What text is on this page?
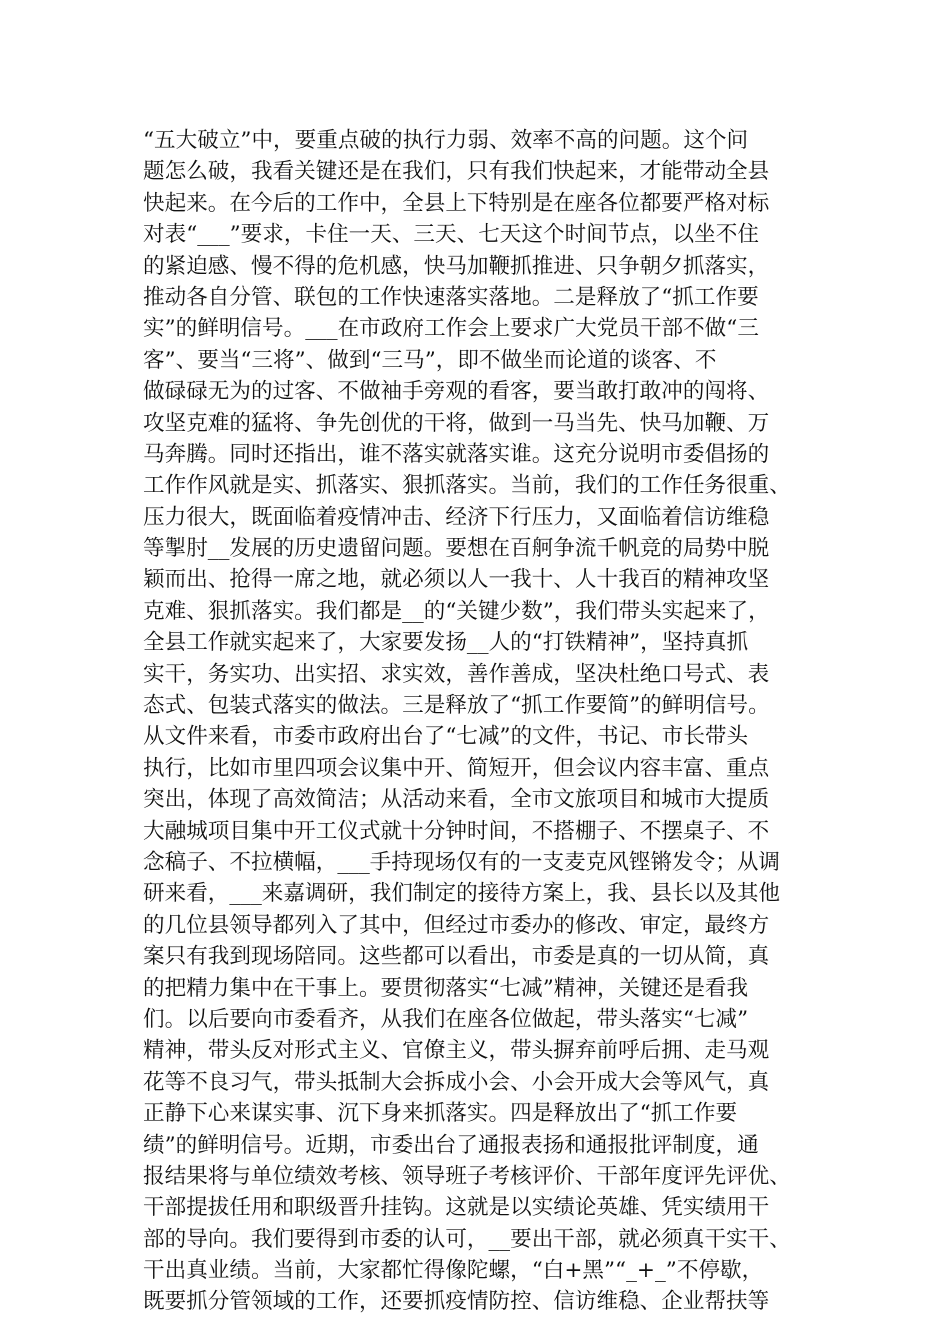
“五大破立”中，要重点破的执行力弱、效率不高的问题。这个问
题怎么破，我看关键还是在我们，只有我们快起来，才能带动全县
快起来。在今后的工作中，全县上下特别是在座各位都要严格对标
对表“___”要求，卡住一天、三天、七天这个时间节点，以坐不住
的紧迫感、慢不得的危机感，快马加鞭抓推进、只争朝夕抓落实，
推动各自分管、联包的工作快速落实落地。二是释放了“抓工作要
实”的鲜明信号。___在市政府工作会上要求广大党员干部不做“三
客”、要当“三将”、做到“三马”，即不做坐而论道的谈客、不
做碌碌无为的过客、不做袖手旁观的看客，要当敢打敢冲的闯将、
攻坚克难的猛将、争先创优的干将，做到一马当先、快马加鞭、万
马奔腾。同时还指出，谁不落实就落实谁。这充分说明市委倡扬的
工作作风就是实、抓落实、狠抓落实。当前，我们的工作任务很重、
压力很大，既面临着疫情冲击、经济下行压力，又面临着信访维稳
等掣肘__发展的历史遗留问题。要想在百舸争流千帆竞的局势中脱
颖而出、抢得一席之地，就必须以人一我十、人十我百的精神攻坚
克难、狠抓落实。我们都是__的“关键少数”，我们带头实起来了，
全县工作就实起来了，大家要发扬__人的“打铁精神”，坚持真抓
实干，务实功、出实招、求实效，善作善成，坚决杜绝口号式、表
态式、包装式落实的做法。三是释放了“抓工作要简”的鲜明信号。
从文件来看，市委市政府出台了“七减”的文件，书记、市长带头
执行，比如市里四项会议集中开、简短开，但会议内容丰富、重点
突出，体现了高效简洁；从活动来看，全市文旅项目和城市大提质
大融城项目集中开工仪式就十分钟时间，不搭棚子、不摆桌子、不
念稿子、不拉横幅，___手持现场仅有的一支麦克风铿锵发令；从调
研来看，___来嘉调研，我们制定的接待方案上，我、县长以及其他
的几位县领导都列入了其中，但经过市委办的修改、审定，最终方
案只有我到现场陪同。这些都可以看出，市委是真的一切从简，真
的把精力集中在干事上。要贯彻落实“七减”精神，关键还是看我
们。以后要向市委看齐，从我们在座各位做起，带头落实“七减”
精神，带头反对形式主义、官僚主义，带头摒弃前呼后拥、走马观
花等不良习气，带头抵制大会拆成小会、小会开成大会等风气，真
正静下心来谋实事、沉下身来抓落实。四是释放出了“抓工作要
绩”的鲜明信号。近期，市委出台了通报表扬和通报批评制度，通
报结果将与单位绩效考核、领导班子考核评价、干部年度评先评优、
干部提拔任用和职级晋升挂钩。这就是以实绩论英雄、凭实绩用干
部的导向。我们要得到市委的认可，__要出干部，就必须真干实干、
干出真业绩。当前，大家都忙得像陀螺，“白+黑”“_+_”不停歇，
既要抓分管领域的工作，还要抓疫情防控、信访维稳、企业帮扶等
